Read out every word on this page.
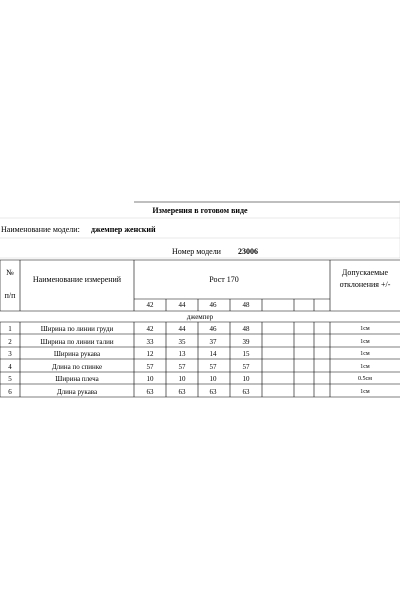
Измерения в готовом виде
Наименование модели: джемпер женский
Номер модели 23006
№
п/п
Наименование измерений	Рост 170
Допускаемые
отклонения +/-
42	44	46	48
джемпер
1	Ширина по линии груди	42	44	46	48	1см
2	Ширина по линии талии	33	35	37	39	1см
3	Ширина рукава	12	13	14	15	1см
4	Длина по спинке	57	57	57	57	1см
5	Ширина плеча	10	10	10	10	0.5см
6	Длина рукава	63	63	63	63	1см
